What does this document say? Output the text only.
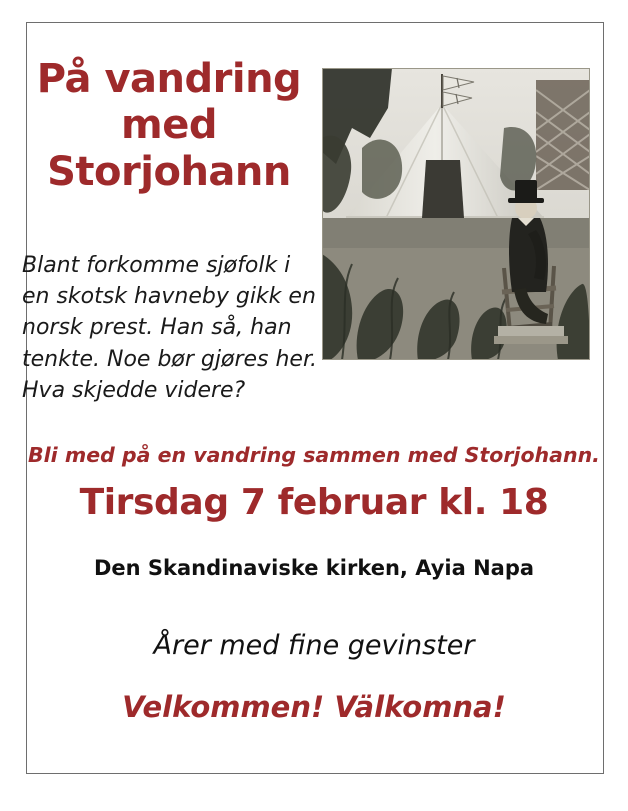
På vandring
med
Storjohann
Blant forkomme sjøfolk i en skotsk havneby gikk en norsk prest. Han så, han tenkte. Noe bør gjøres her. Hva skjedde videre?
Bli med på en vandring sammen med Storjohann.
Tirsdag 7 februar kl. 18
Den Skandinaviske kirken, Ayia Napa
Årer med fine gevinster
Velkommen! Välkomna!
